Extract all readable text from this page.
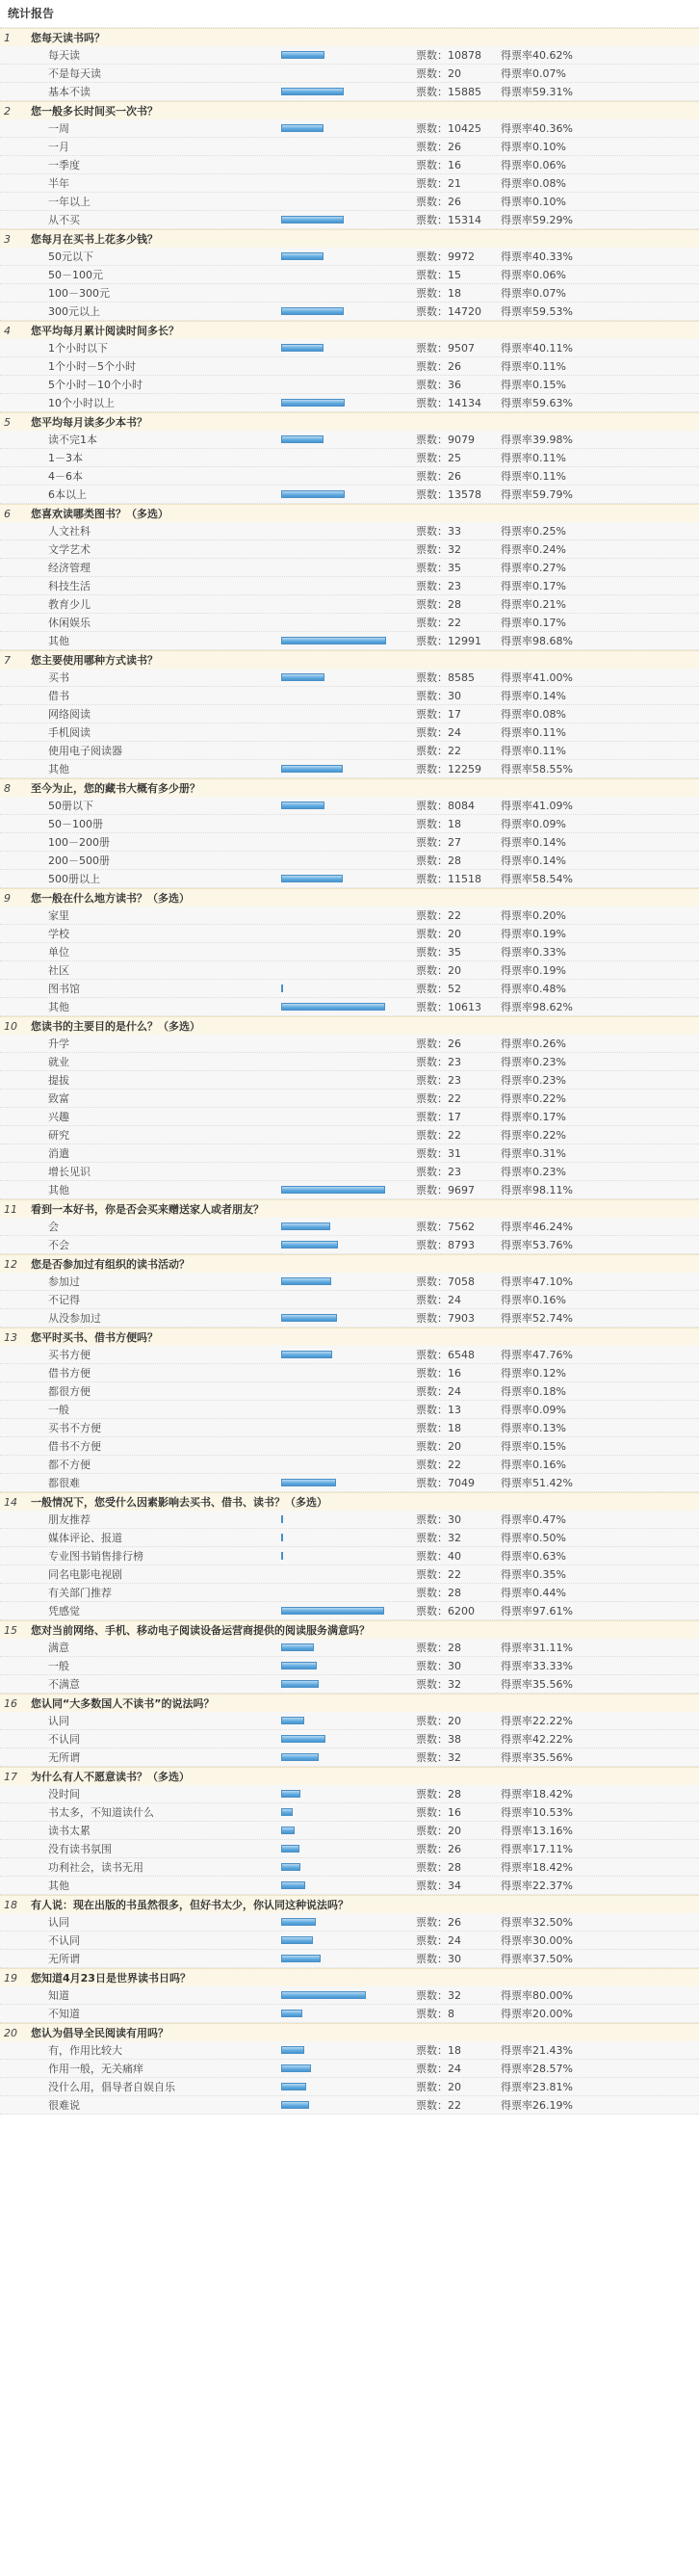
统计报告
1	您每天读书吗？
每天读	票数：10878	得票率40.62%
不是每天读	票数：20	得票率0.07%
基本不读	票数：15885	得票率59.31%
2	您一般多长时间买一次书？
一周	票数：10425	得票率40.36%
一月	票数：26	得票率0.10%
一季度	票数：16	得票率0.06%
半年	票数：21	得票率0.08%
一年以上	票数：26	得票率0.10%
从不买	票数：15314	得票率59.29%
3	您每月在买书上花多少钱？
50元以下	票数：9972	得票率40.33%
50－100元	票数：15	得票率0.06%
100－300元	票数：18	得票率0.07%
300元以上	票数：14720	得票率59.53%
4	您平均每月累计阅读时间多长？
1个小时以下	票数：9507	得票率40.11%
1个小时－5个小时	票数：26	得票率0.11%
5个小时－10个小时	票数：36	得票率0.15%
10个小时以上	票数：14134	得票率59.63%
5	您平均每月读多少本书？
读不完1本	票数：9079	得票率39.98%
1－3本	票数：25	得票率0.11%
4－6本	票数：26	得票率0.11%
6本以上	票数：13578	得票率59.79%
6	您喜欢读哪类图书？（多选）
人文社科	票数：33	得票率0.25%
文学艺术	票数：32	得票率0.24%
经济管理	票数：35	得票率0.27%
科技生活	票数：23	得票率0.17%
教育少儿	票数：28	得票率0.21%
休闲娱乐	票数：22	得票率0.17%
其他	票数：12991	得票率98.68%
7	您主要使用哪种方式读书？
买书	票数：8585	得票率41.00%
借书	票数：30	得票率0.14%
网络阅读	票数：17	得票率0.08%
手机阅读	票数：24	得票率0.11%
使用电子阅读器	票数：22	得票率0.11%
其他	票数：12259	得票率58.55%
8	至今为止，您的藏书大概有多少册？
50册以下	票数：8084	得票率41.09%
50－100册	票数：18	得票率0.09%
100－200册	票数：27	得票率0.14%
200－500册	票数：28	得票率0.14%
500册以上	票数：11518	得票率58.54%
9	您一般在什么地方读书？（多选）
家里	票数：22	得票率0.20%
学校	票数：20	得票率0.19%
单位	票数：35	得票率0.33%
社区	票数：20	得票率0.19%
图书馆	票数：52	得票率0.48%
其他	票数：10613	得票率98.62%
10	您读书的主要目的是什么？（多选）
升学	票数：26	得票率0.26%
就业	票数：23	得票率0.23%
提拔	票数：23	得票率0.23%
致富	票数：22	得票率0.22%
兴趣	票数：17	得票率0.17%
研究	票数：22	得票率0.22%
消遣	票数：31	得票率0.31%
增长见识	票数：23	得票率0.23%
其他	票数：9697	得票率98.11%
11	看到一本好书，你是否会买来赠送家人或者朋友？
会	票数：7562	得票率46.24%
不会	票数：8793	得票率53.76%
12	您是否参加过有组织的读书活动？
参加过	票数：7058	得票率47.10%
不记得	票数：24	得票率0.16%
从没参加过	票数：7903	得票率52.74%
13	您平时买书、借书方便吗？
买书方便	票数：6548	得票率47.76%
借书方便	票数：16	得票率0.12%
都很方便	票数：24	得票率0.18%
一般	票数：13	得票率0.09%
买书不方便	票数：18	得票率0.13%
借书不方便	票数：20	得票率0.15%
都不方便	票数：22	得票率0.16%
都很难	票数：7049	得票率51.42%
14	一般情况下，您受什么因素影响去买书、借书、读书？（多选）
朋友推荐	票数：30	得票率0.47%
媒体评论、报道	票数：32	得票率0.50%
专业图书销售排行榜	票数：40	得票率0.63%
同名电影电视剧	票数：22	得票率0.35%
有关部门推荐	票数：28	得票率0.44%
凭感觉	票数：6200	得票率97.61%
15	您对当前网络、手机、移动电子阅读设备运营商提供的阅读服务满意吗？
满意	票数：28	得票率31.11%
一般	票数：30	得票率33.33%
不满意	票数：32	得票率35.56%
16	您认同“大多数国人不读书”的说法吗？
认同	票数：20	得票率22.22%
不认同	票数：38	得票率42.22%
无所谓	票数：32	得票率35.56%
17	为什么有人不愿意读书？（多选）
没时间	票数：28	得票率18.42%
书太多，不知道读什么	票数：16	得票率10.53%
读书太累	票数：20	得票率13.16%
没有读书氛围	票数：26	得票率17.11%
功利社会，读书无用	票数：28	得票率18.42%
其他	票数：34	得票率22.37%
18	有人说：现在出版的书虽然很多，但好书太少，你认同这种说法吗？
认同	票数：26	得票率32.50%
不认同	票数：24	得票率30.00%
无所谓	票数：30	得票率37.50%
19	您知道4月23日是世界读书日吗？
知道	票数：32	得票率80.00%
不知道	票数：8	得票率20.00%
20	您认为倡导全民阅读有用吗？
有，作用比较大	票数：18	得票率21.43%
作用一般，无关痛痒	票数：24	得票率28.57%
没什么用，倡导者自娱自乐	票数：20	得票率23.81%
很难说	票数：22	得票率26.19%
